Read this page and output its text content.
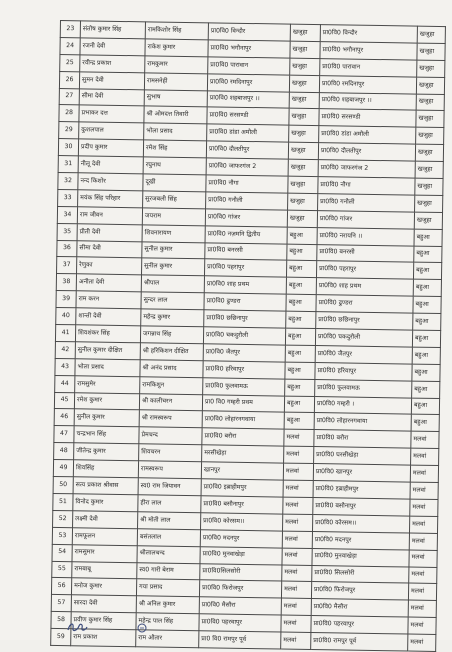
23	संतोष कुमार सिंह	रामकिशोर सिंह	प्रा0वि0 विन्दौर	खजुहा	प्रा0वि0 विन्दौर	खजुहा
24	रजनी देवी	राकेश कुमार	प्रा0वि0 भगौनापुर	खजुहा	प्रा0वि0 भगौनापुर	खजुहा
25	रवीन्द्र प्रकाश	रामकुमार	प्रा0वि0 पारावान	खजुहा	प्रा0वि0 पारावान	खजुहा
26	सुमन देवी	रामसनेही	प्रा0वि0 रमदिनापुर	खजुहा	प्रा0वि0 रमदिनापुर	खजुहा
27	सीमा देवी	सुभाष	प्रा0वि0 शहबाजपुर ।।	खजुहा	प्रा0वि0 शहबाजपुर ।।	खजुहा
28	प्रभाकर दत्त	श्री ओमदत्त तिवारी	प्रा0वि0 सरसण्डी	खजुहा	प्रा0वि0 सरसण्डी	खजुहा
29	कुशलपाल	भोला प्रसाद	प्रा0वि0 डांडा अमौली	खजुहा	प्रा0वि0 डांडा अमौली	खजुहा
30	प्रदीप कुमार	रमेश सिंह	प्रा0वि0 दौलतीपुर	खजुहा	प्रा0वि0 दौलतीपुर	खजुहा
31	नीलू देवी	रघुनाथ	प्रा0वि0 जाफरगंज 2	खजुहा	प्रा0वि0 जाफरगंज 2	खजुहा
32	नन्द किशोर	दूखी	प्रा0वि0 नौगा	खजुहा	प्रा0वि0 नौगा	खजुहा
33	मयंक सिंह परिहार	सुरजबली सिंह	प्रा0वि0 गनौली	खजुहा	प्रा0वि0 गनौली	खजुहा
34	राम जीवन	जयराम	प्रा0वि0 गांजर	खजुहा	प्रा0वि0 गांजर	खजुहा
35	प्रीती देवी	शिवनारायण	प्रा0वि0 नज़मनि द्वितीय	बहुआ	प्रा0वि0 नरायनि ।।	बहुआ
36	सीमा देवी	सुनील कुमार	प्रा0वि0 बनरसी	बहुआ	प्रा0वि0 बनरसी	बहुआ
37	रेणुका	सुनील कुमार	प्रा0वि0 पहरापुर	बहुआ	प्रा0वि0 पहरापुर	बहुआ
38	अनीता देवी	श्रीपाल	प्रा0वि0 शाह प्रथम	बहुआ	प्रा0वि0 शाह प्रथम	बहुआ
39	राम करन	सुन्दर लाल	प्रा0वि0 ढुण्डरा	बहुआ	प्रा0वि0 ढुण्डरा	बहुआ
40	शान्ती देवी	महेन्द्र कुमार	प्रा0वि0 छछिनापुर	बहुआ	प्रा0वि0 छछिनापुर	बहुआ
41	शिवशंकर सिंह	जगन्नाथ सिंह	प्रा0वि0 चकदुरौली	बहुआ	प्रा0वि0 चकदुरौली	बहुआ
42	सुनील कुमार दीक्षित	श्री हरिकिशन दीक्षित	प्रा0वि0 जैतपुर	बहुआ	प्रा0वि0 जैतपुर	बहुआ
43	भोला प्रसाद	श्री अनंद प्रसाद	प्रा0वि0 हरिवापुर	बहुआ	प्रा0वि0 हरिवापुर	बहुआ
44	रामसुमेर	रामकिशुन	प्रा0वि0 फुलवामऊ	बहुआ	प्रा0वि0 फुलवामऊ	बहुआ
45	रमेश कुमार	श्री कालीचरन	प्रा0 वि0 गम्हरी प्रथम	बहुआ	प्रा0वि0 गम्हरी ।	बहुआ
46	सुनील कुमार	श्री रामस्वरूप	प्रा0वि0 लोहारनगवाया	बहुआ	प्रा0वि0 लोहारनगवाया	बहुआ
47	चन्द्रभान सिंह	प्रेमचन्द	प्रा0वि0 बरौरा	मलवां	प्रा0वि0 बरौरा	मलवां
48	जीतेन्द्र कुमार	शिवचरन	मरसीखेड़ा	मलवां	प्रा0वि0 घरसीखेड़ा	मलवां
49	शिवसिंह	रामस्वरूप	खानपुर	मलवां	प्रा0वि0 खानपुर	मलवां
50	सत्य प्रकाश श्रीवास	स्व0 राम जियावन	प्रा0वि0 इब्राहीमपुर	मलवां	प्रा0वि0 इब्राहीमपुर	मलवां
51	विनोद कुमार	हीरा लाल	प्रा0वि0 बसौनापुर	मलवां	प्रा0वि0 बसौनापुर	मलवां
52	लक्ष्मी देवी	श्री मोती लाल	प्रा0वि0 कोरसम।।	मलवां	प्रा0वि0 कोरसम।।	मलवां
53	रामफूलन	बसंतलाल	प्रा0वि0 मदनपुर	मलवां	प्रा0वि0 मदनपुर	मलवां
54	रामसुमार	श्रीलालचन्द	प्रा0वि0 मुनवाखेड़ा	मलवां	प्रा0वि0 मुनवाखेड़ा	मलवां
55	रामबाबू	स्व0 गारी बेराम	प्रा0वि0सिलसोरी	मलवां	प्रा0वि0 सिलसोरी	मलवां
56	मनोज कुमार	गया प्रसाद	प्रा0वि0 फिरोजपुर	मलवां	प्रा0वि0 फिरोजपुर	मलवां
57	सारदा देवी	श्री अनिल कुमार	प्रा0वि0 मैसौरा	मलवां	प्रा0वि0 मैसौरा	मलवां
58	प्रवीण कुमार सिंह	महेन्द्र पाल सिंह	प्रा0वि0 पहरवापुर	मलवां	प्रा0वि0 पहरवापुर	मलवां
59	राम प्रकाश	राम औतार	प्रा0 वि0 रामपुर पूर्व	मलवां	प्रा0वि0 रामपुर पूर्व	मलवां
